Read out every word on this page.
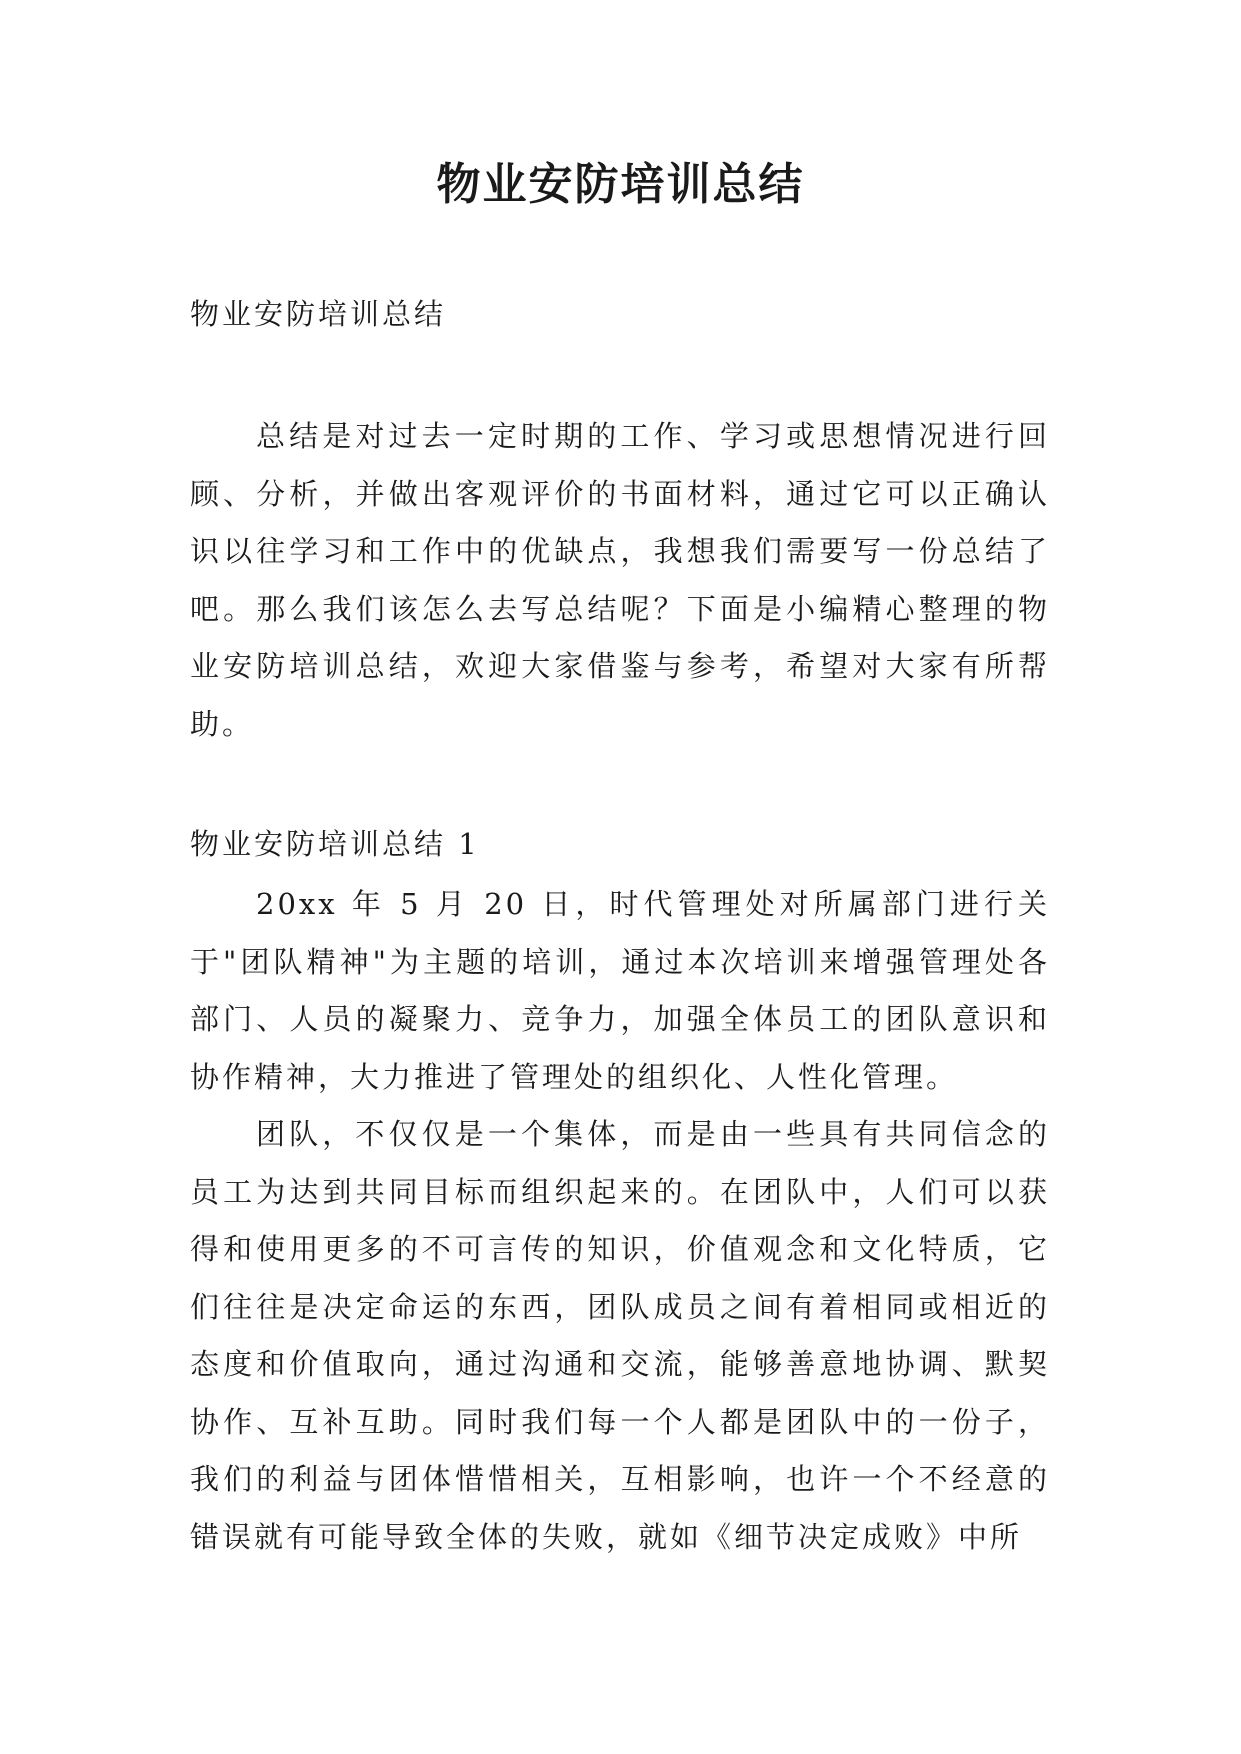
物业安防培训总结

物业安防培训总结

总结是对过去一定时期的工作、学习或思想情况进行回顾、分析，并做出客观评价的书面材料，通过它可以正确认识以往学习和工作中的优缺点，我想我们需要写一份总结了吧。那么我们该怎么去写总结呢？下面是小编精心整理的物业安防培训总结，欢迎大家借鉴与参考，希望对大家有所帮助。

物业安防培训总结 1

20xx 年 5 月 20 日，时代管理处对所属部门进行关于"团队精神"为主题的培训，通过本次培训来增强管理处各部门、人员的凝聚力、竞争力，加强全体员工的团队意识和协作精神，大力推进了管理处的组织化、人性化管理。

团队，不仅仅是一个集体，而是由一些具有共同信念的员工为达到共同目标而组织起来的。在团队中，人们可以获得和使用更多的不可言传的知识，价值观念和文化特质，它们往往是决定命运的东西，团队成员之间有着相同或相近的态度和价值取向，通过沟通和交流，能够善意地协调、默契协作、互补互助。同时我们每一个人都是团队中的一份子，我们的利益与团体惜惜相关，互相影响，也许一个不经意的错误就有可能导致全体的失败，就如《细节决定成败》中所
